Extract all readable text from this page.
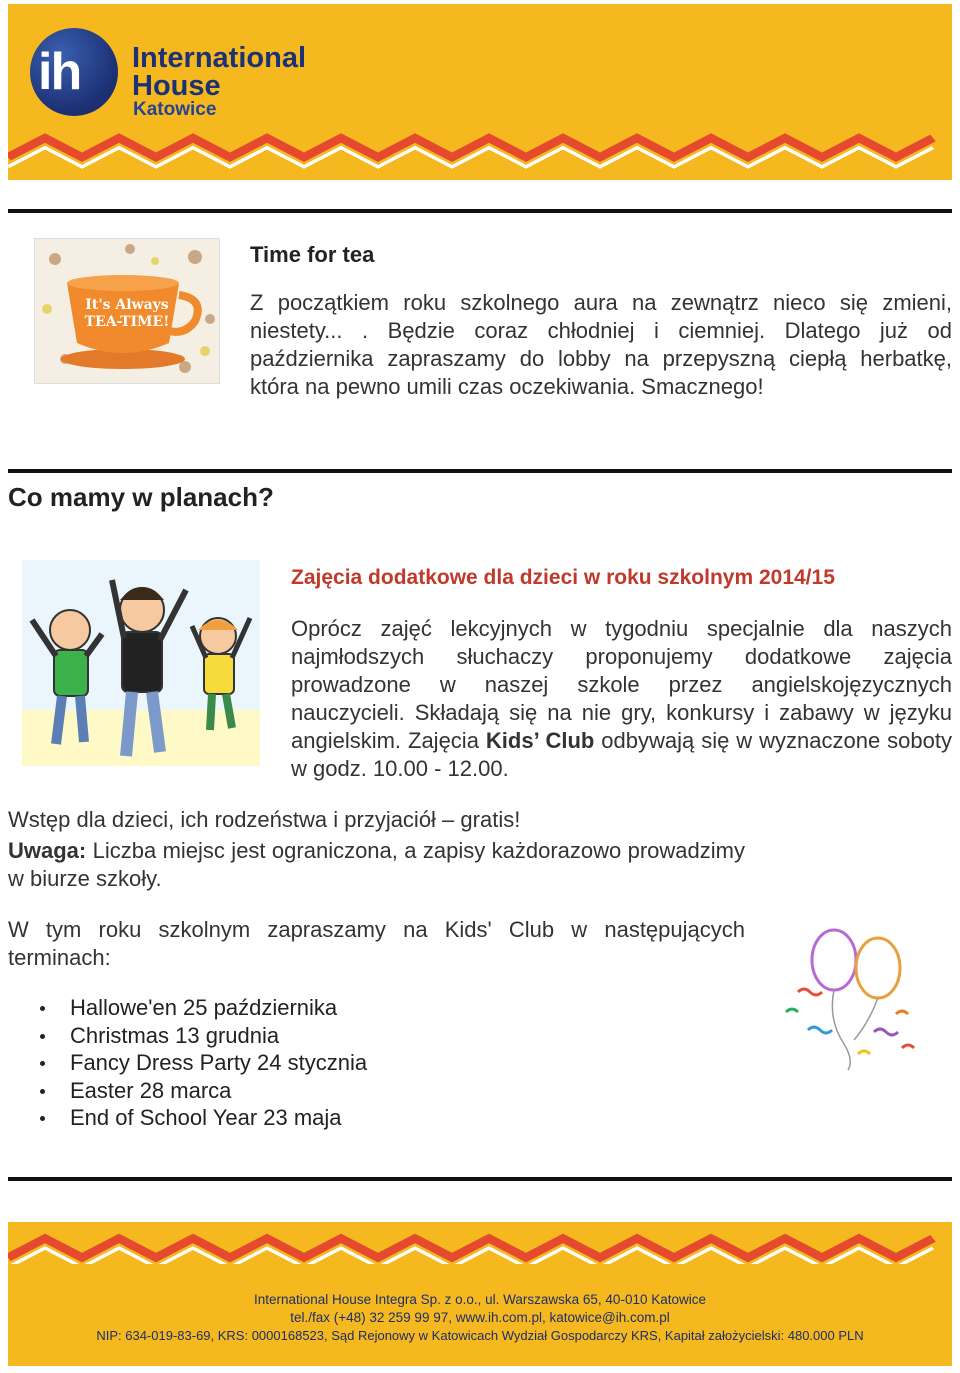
ih International
House
Katowice
It's Always TEA-TIME!
Time for tea
Z początkiem roku szkolnego aura na zewnątrz nieco się zmieni, niestety... . Będzie coraz chłodniej i ciemniej. Dlatego już od października zapraszamy do lobby na przepyszną ciepłą herbatkę, która na pewno umili czas oczekiwania. Smacznego!
Co mamy w planach?
Zajęcia dodatkowe dla dzieci w roku szkolnym 2014/15
Oprócz zajęć lekcyjnych w tygodniu specjalnie dla naszych najmłodszych słuchaczy proponujemy dodatkowe zajęcia prowadzone w naszej szkole przez angielskojęzycznych nauczycieli. Składają się na nie gry, konkursy i zabawy w języku angielskim. Zajęcia Kids’ Club odbywają się w wyznaczone soboty w godz. 10.00 - 12.00.
Wstęp dla dzieci, ich rodzeństwa i przyjaciół – gratis!
Uwaga: Liczba miejsc jest ograniczona, a zapisy każdorazowo prowadzimy w biurze szkoły.
W tym roku szkolnym zapraszamy na Kids' Club w następujących terminach:
Hallowe'en 25 października
Christmas 13 grudnia
Fancy Dress Party 24 stycznia
Easter 28 marca
End of School Year 23 maja
International House Integra Sp. z o.o., ul. Warszawska 65, 40-010 Katowice
tel./fax (+48) 32 259 99 97, www.ih.com.pl, katowice@ih.com.pl
NIP: 634-019-83-69, KRS: 0000168523, Sąd Rejonowy w Katowicach Wydział Gospodarczy KRS, Kapitał założycielski: 480.000 PLN
